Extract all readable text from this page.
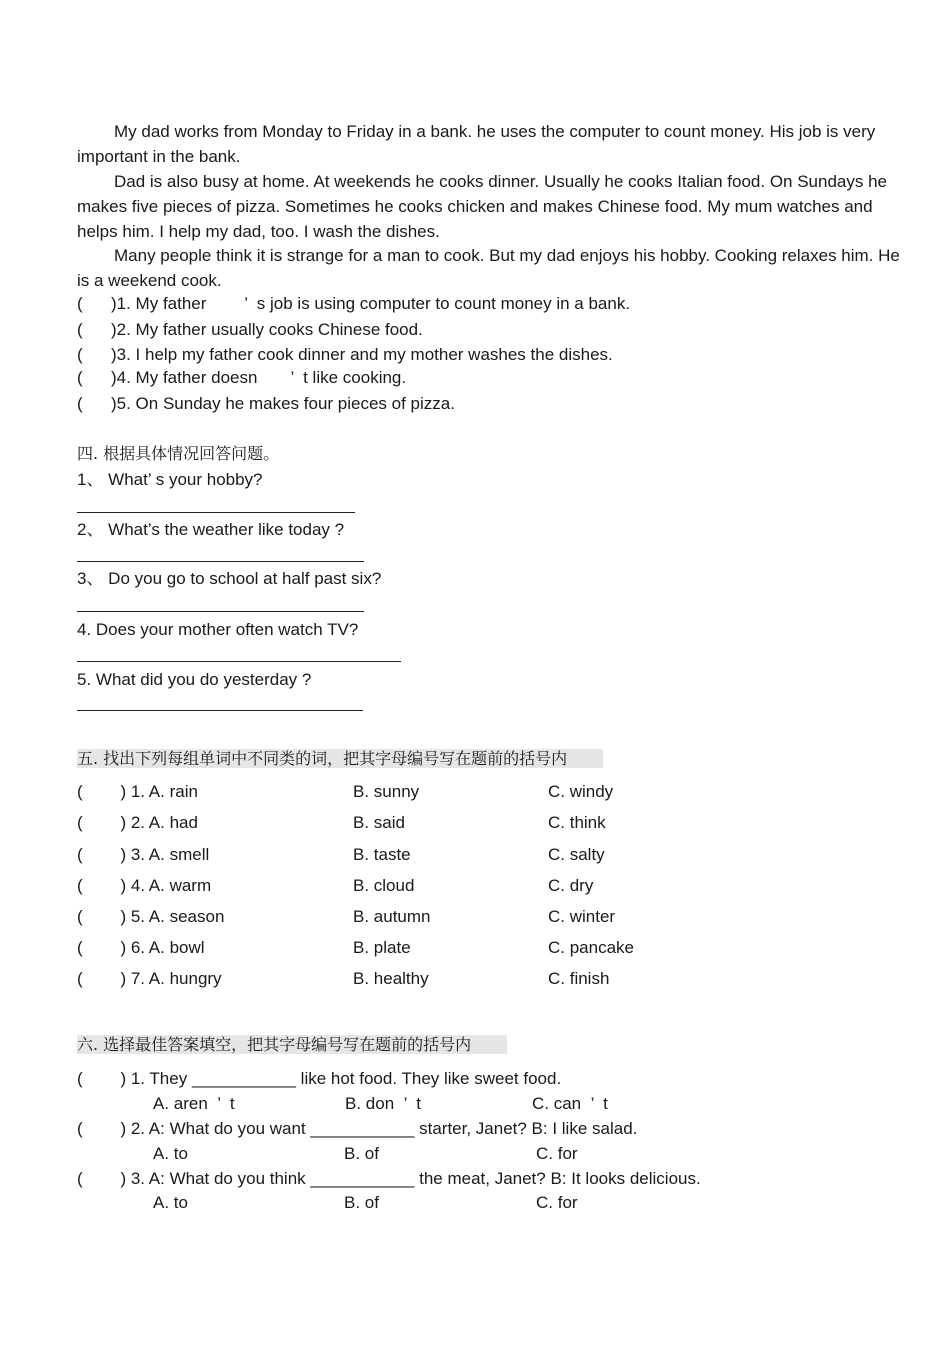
My dad works from Monday to Friday in a bank. he uses the computer to count money. His job is very important in the bank.

Dad is also busy at home. At weekends he cooks dinner. Usually he cooks Italian food. On Sundays he makes five pieces of pizza. Sometimes he cooks chicken and makes Chinese food. My mum watches and helps him. I help my dad, too. I wash the dishes.

Many people think it is strange for a man to cook. But my dad enjoys his hobby. Cooking relaxes him. He is a weekend cook.

(      )1. My father        ’  s job is using computer to count money in a bank.
(      )2. My father usually cooks Chinese food.
(      )3. I help my father cook dinner and my mother washes the dishes.
(      )4. My father doesn       ’  t like cooking.
(      )5. On Sunday he makes four pieces of pizza.
四. 根据具体情况回答问题。
1、 What’ s your hobby?
2、 What’s the weather like today ?
3、 Do you go to school at half past six?
4. Does your mother often watch TV?
5. What did you do yesterday ?
五. 找出下列每组单词中不同类的词，把其字母编号写在题前的括号内
(        ) 1. A. rain	B. sunny	C. windy
(        ) 2. A. had	B. said	C. think
(        ) 3. A. smell	B. taste	C. salty
(        ) 4. A. warm	B. cloud	C. dry
(        ) 5. A. season	B. autumn	C. winter
(        ) 6. A. bowl	B. plate	C. pancake
(        ) 7. A. hungry	B. healthy	C. finish
六. 选择最佳答案填空，把其字母编号写在题前的括号内
(        ) 1. They ___________ like hot food. They like sweet food.
A. aren  ’  t	B. don  ’  t	C. can  ’  t
(        ) 2. A: What do you want ___________ starter, Janet? B: I like salad.
A. to	B. of	C. for
(        ) 3. A: What do you think ___________ the meat, Janet? B: It looks delicious.
A. to	B. of	C. for
